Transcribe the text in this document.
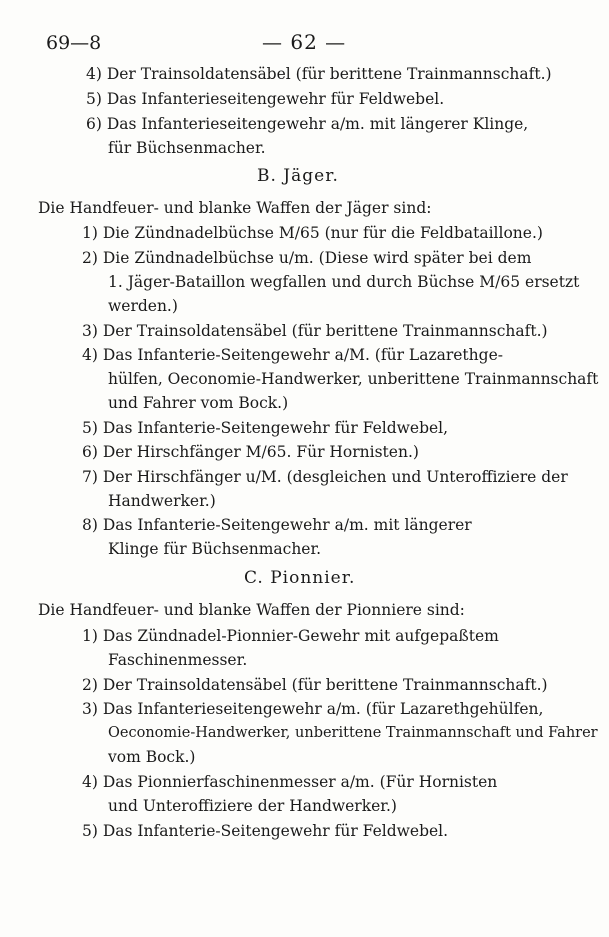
69—8	— 62 —
4) Der Trainsoldatensäbel (für berittene Trainmannschaft.)
5) Das Infanterieseitengewehr für Feldwebel.
6) Das Infanterieseitengewehr a/m. mit längerer Klinge,
für Büchsenmacher.
B. Jäger.
Die Handfeuer- und blanke Waffen der Jäger sind:
1) Die Zündnadelbüchse M/65 (nur für die Feldbataillone.)
2) Die Zündnadelbüchse u/m. (Diese wird später bei dem
1. Jäger-Bataillon wegfallen und durch Büchse M/65 ersetzt
werden.)
3) Der Trainsoldatensäbel (für berittene Trainmannschaft.)
4) Das Infanterie-Seitengewehr a/M. (für Lazarethge-
hülfen, Oeconomie-Handwerker, unberittene Trainmannschaft
und Fahrer vom Bock.)
5) Das Infanterie-Seitengewehr für Feldwebel,
6) Der Hirschfänger M/65. Für Hornisten.)
7) Der Hirschfänger u/M. (desgleichen und Unteroffiziere der
Handwerker.)
8) Das Infanterie-Seitengewehr a/m. mit längerer
Klinge für Büchsenmacher.
C. Pionnier.
Die Handfeuer- und blanke Waffen der Pionniere sind:
1) Das Zündnadel-Pionnier-Gewehr mit aufgepaßtem
Faschinenmesser.
2) Der Trainsoldatensäbel (für berittene Trainmannschaft.)
3) Das Infanterieseitengewehr a/m. (für Lazarethgehülfen,
Oeconomie-Handwerker, unberittene Trainmannschaft und Fahrer
vom Bock.)
4) Das Pionnierfaschinenmesser a/m. (Für Hornisten
und Unteroffiziere der Handwerker.)
5) Das Infanterie-Seitengewehr für Feldwebel.
